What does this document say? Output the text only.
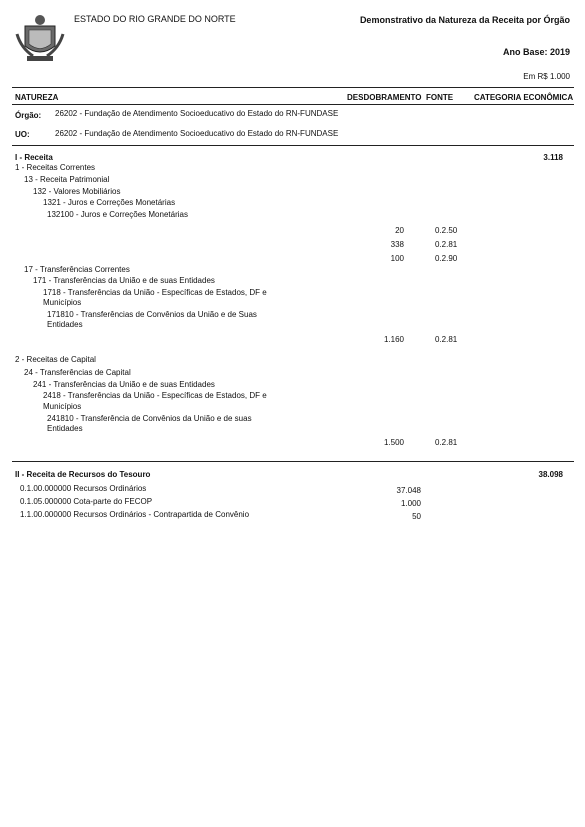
ESTADO DO RIO GRANDE DO NORTE	Demonstrativo da Natureza da Receita por Órgão
Ano Base: 2019
Em R$ 1.000
NATUREZA	DESDOBRAMENTO FONTE	CATEGORIA ECONÔMICA
Órgão: 26202 - Fundação de Atendimento Socioeducativo do Estado do RN-FUNDASE
UO:	26202 - Fundação de Atendimento Socioeducativo do Estado do RN-FUNDASE
I - Receita	3.118
1 - Receitas Correntes
13 - Receita Patrimonial
132 - Valores Mobiliários
1321 - Juros e Correções Monetárias
132100 - Juros e Correções Monetárias
20	0.2.50
338	0.2.81
100	0.2.90
17 - Transferências Correntes
171 - Transferências da União e de suas Entidades
1718 - Transferências da União - Específicas de Estados, DF e
Municípios
171810 - Transferências de Convênios da União e de Suas
Entidades
1.160	0.2.81
2 - Receitas de Capital
24 - Transferências de Capital
241 - Transferências da União e de suas Entidades
2418 - Transferências da União - Específicas de Estados, DF e
Municípios
241810 - Transferência de Convênios da União e de suas
Entidades
1.500	0.2.81
II - Receita de Recursos do Tesouro	38.098
0.1.00.000000 Recursos Ordinários	37.048
0.1.05.000000 Cota-parte do FECOP	1.000
1.1.00.000000 Recursos Ordinários - Contrapartida de Convênio	50
